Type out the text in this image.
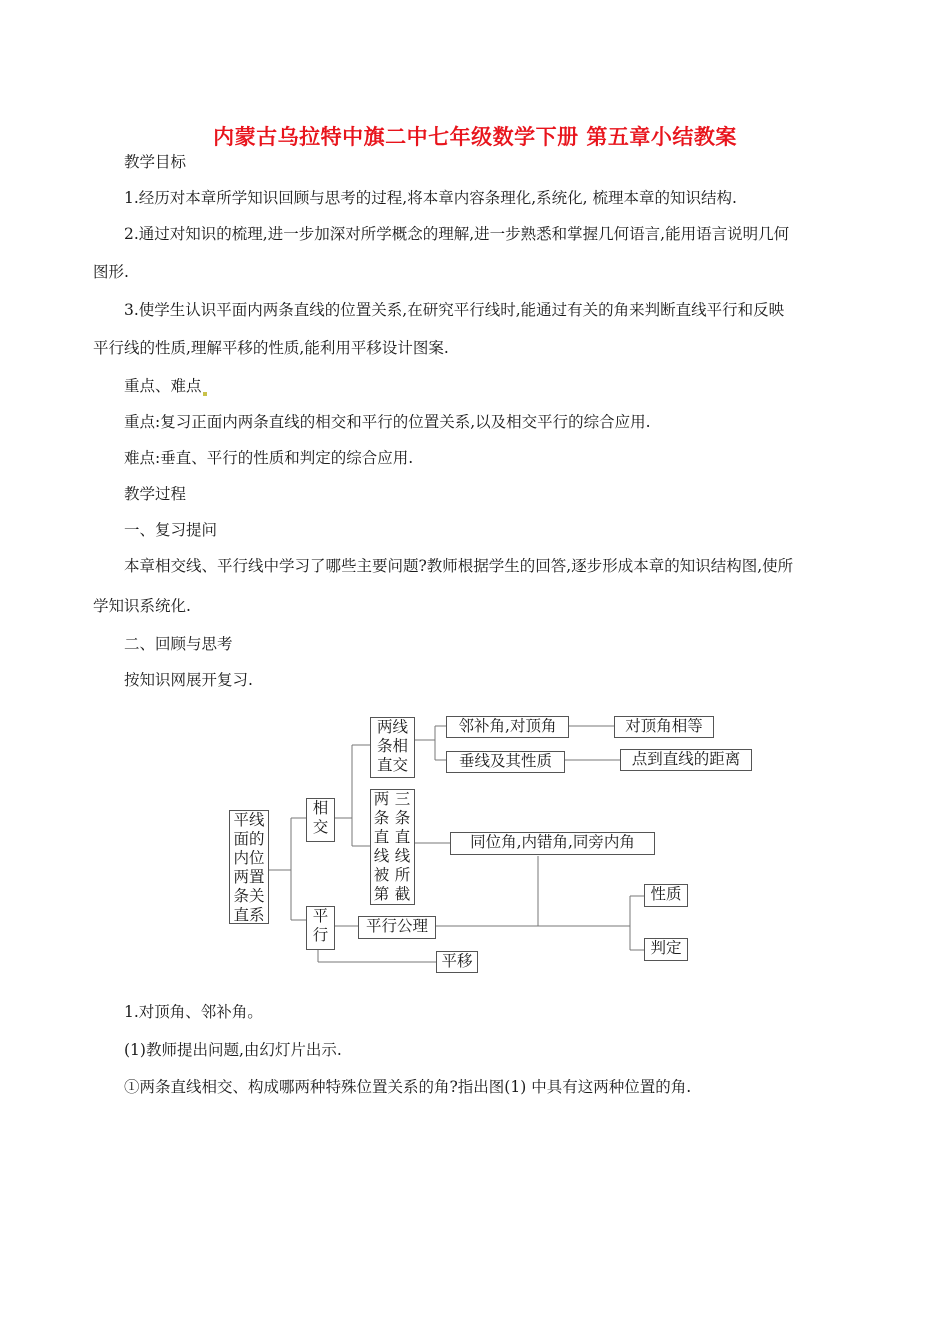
内蒙古乌拉特中旗二中七年级数学下册 第五章小结教案
教学目标
1.经历对本章所学知识回顾与思考的过程,将本章内容条理化,系统化, 梳理本章的知识结构.
2.通过对知识的梳理,进一步加深对所学概念的理解,进一步熟悉和掌握几何语言,能用语言说明几何
图形.
3.使学生认识平面内两条直线的位置关系,在研究平行线时,能通过有关的角来判断直线平行和反映
平行线的性质,理解平移的性质,能利用平移设计图案.
重点、难点
重点:复习正面内两条直线的相交和平行的位置关系,以及相交平行的综合应用.
难点:垂直、平行的性质和判定的综合应用.
教学过程
一、复习提问
本章相交线、平行线中学习了哪些主要问题?教师根据学生的回答,逐步形成本章的知识结构图,使所
学知识系统化.
二、回顾与思考
按知识网展开复习.
平线
面的
内位
两置
条关
直系
相
交
平
行
两线
条相
直交
两
条
直
线
被
第
三
条
直
线
所
截
邻补角,对顶角	对顶角相等
垂线及其性质	点到直线的距离
同位角,内错角,同旁内角
性质
判定
平行公理
平移
1.对顶角、邻补角。
(1)教师提出问题,由幻灯片出示.
①两条直线相交、构成哪两种特殊位置关系的角?指出图(1) 中具有这两种位置的角.
